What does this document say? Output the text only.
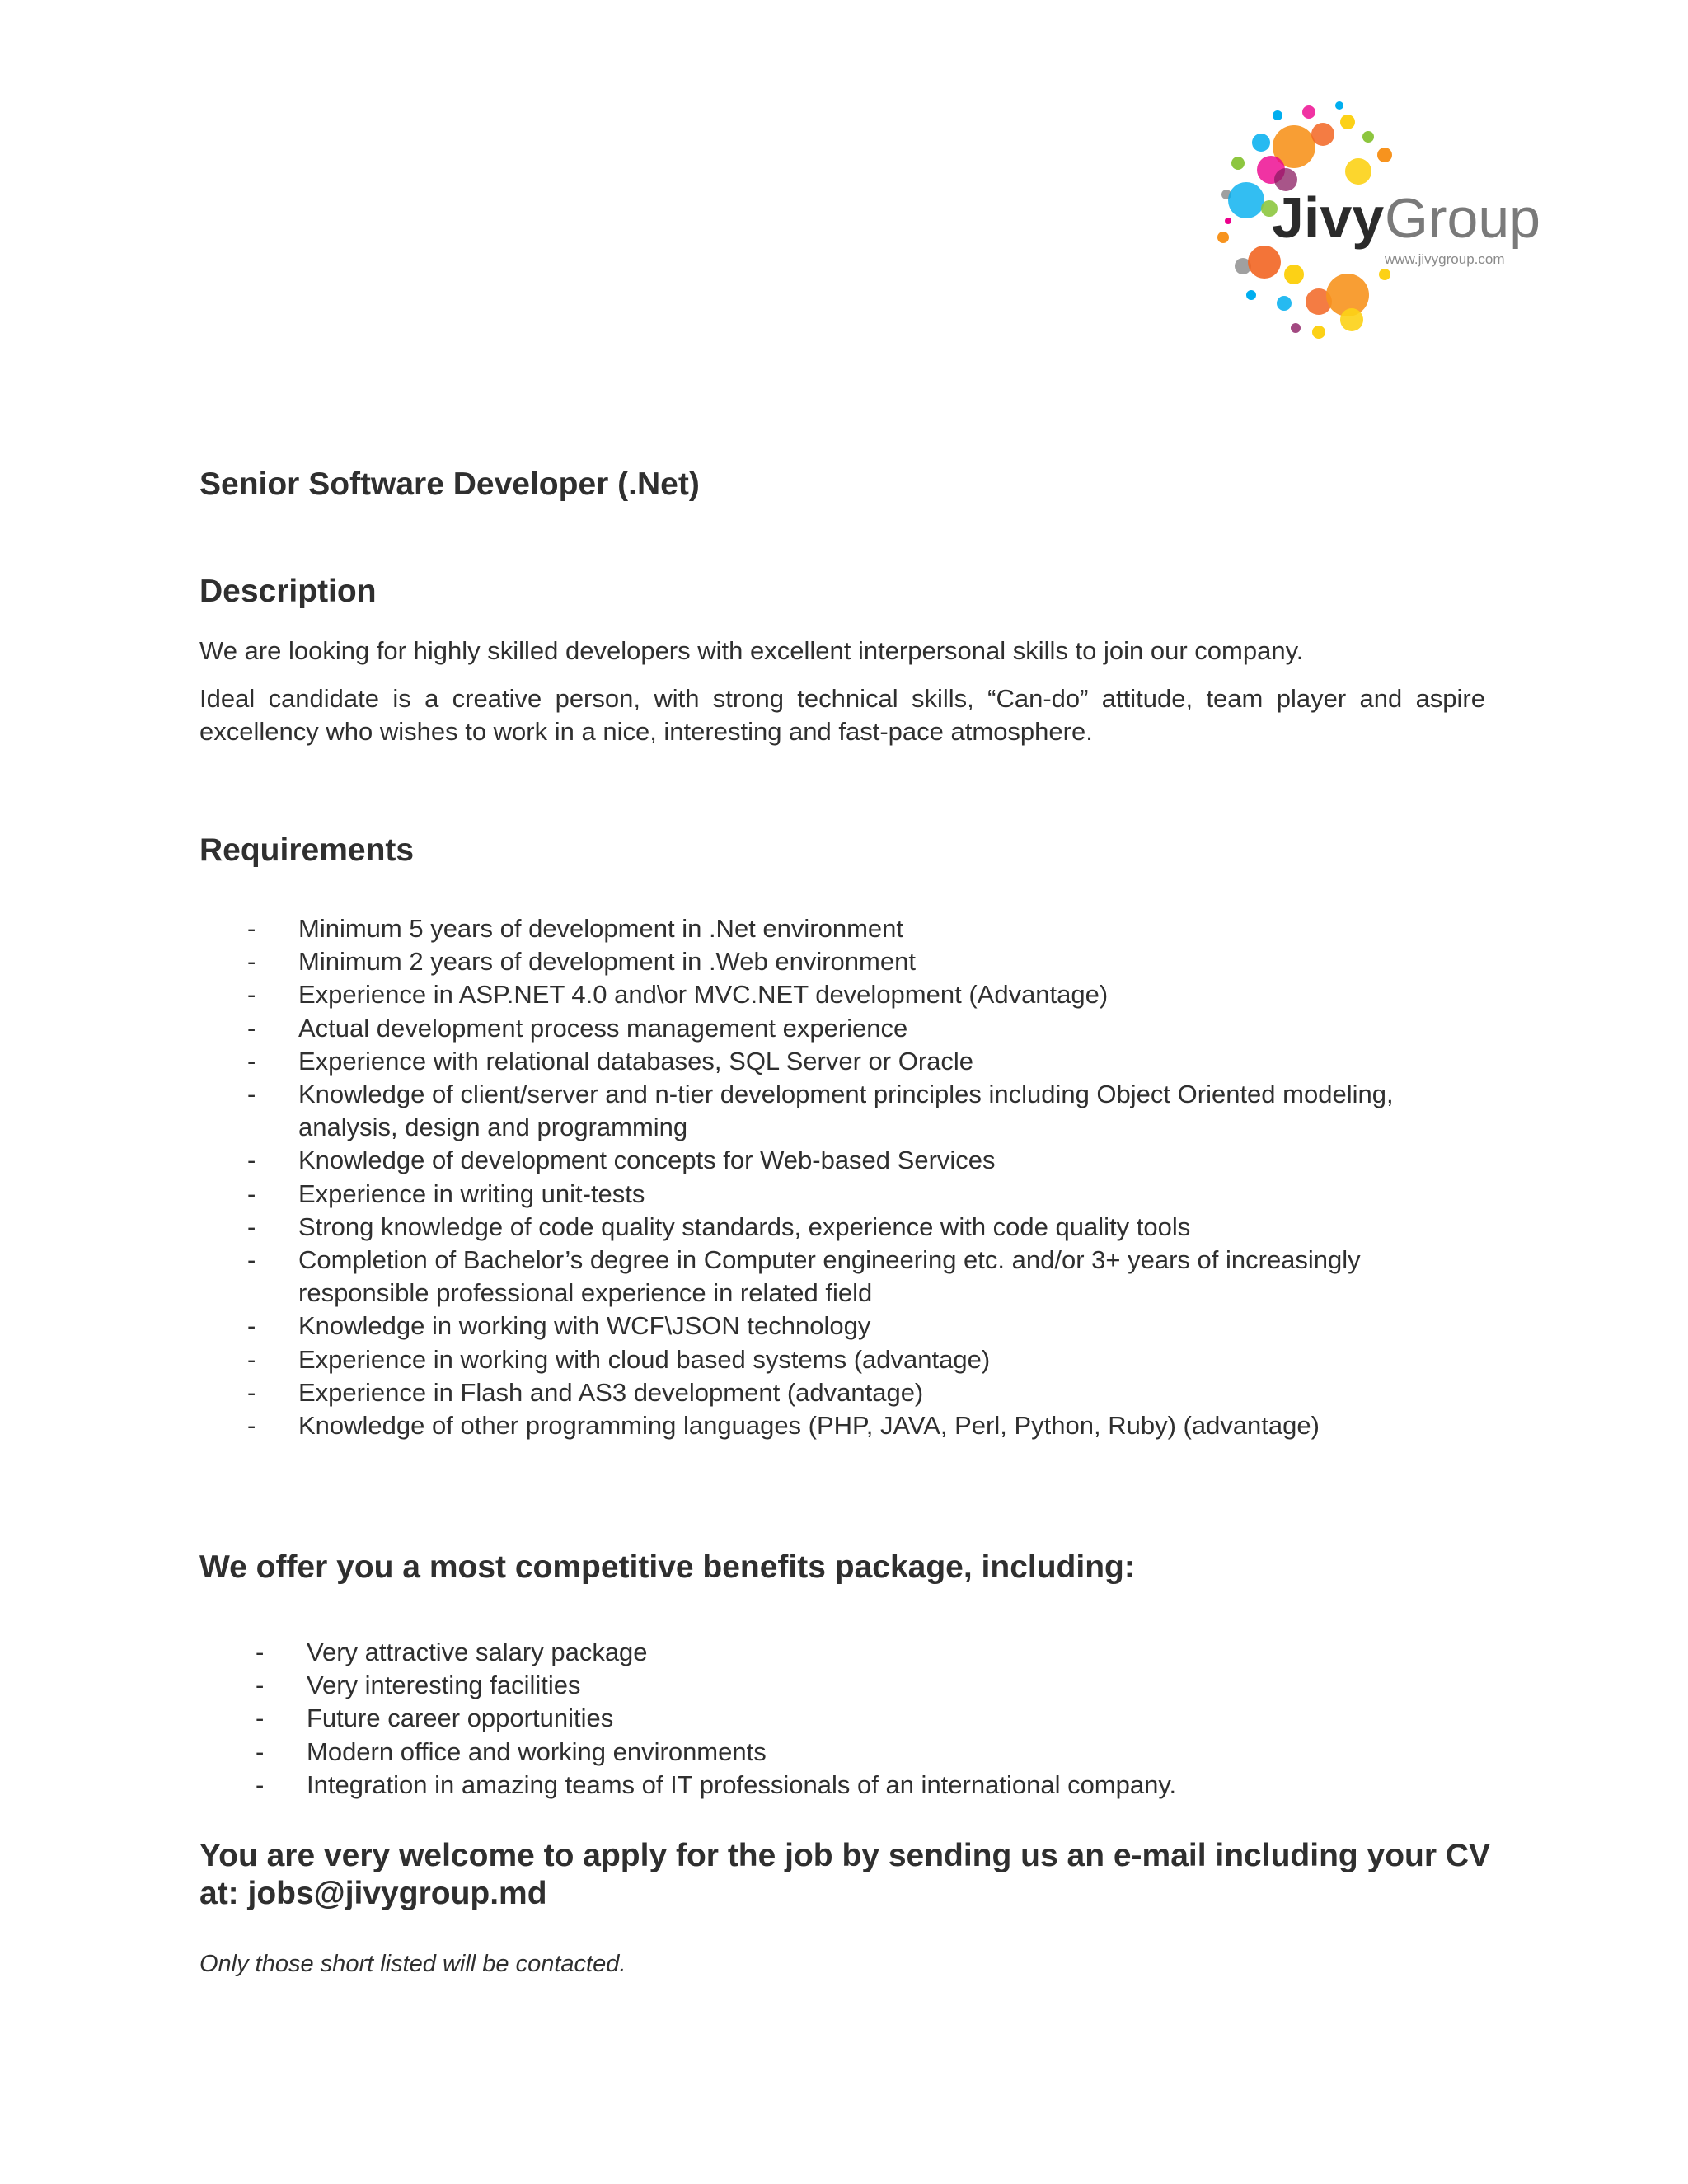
Jivy Group
www.jivygroup.com
Senior Software Developer (.Net)
Description

We are looking for highly skilled developers with excellent interpersonal skills to join our company.

Ideal candidate is a creative person, with strong technical skills, “Can-do” attitude, team player and aspire excellency who wishes to work in a nice, interesting and fast-pace atmosphere.

Requirements
- Minimum 5 years of development in .Net environment
- Minimum 2 years of development in .Web environment
- Experience in ASP.NET 4.0 and\or MVC.NET development (Advantage)
- Actual development process management experience
- Experience with relational databases, SQL Server or Oracle
- Knowledge of client/server and n-tier development principles including Object Oriented modeling, analysis, design and programming
- Knowledge of development concepts for Web-based Services
- Experience in writing unit-tests
- Strong knowledge of code quality standards, experience with code quality tools
- Completion of Bachelor’s degree in Computer engineering etc. and/or 3+ years of increasingly responsible professional experience in related field
- Knowledge in working with WCF\JSON technology
- Experience in working with cloud based systems (advantage)
- Experience in Flash and AS3 development (advantage)
- Knowledge of other programming languages (PHP, JAVA, Perl, Python, Ruby) (advantage)
We offer you a most competitive benefits package, including:
- Very attractive salary package
- Very interesting facilities
- Future career opportunities
- Modern office and working environments
- Integration in amazing teams of IT professionals of an international company.

You are very welcome to apply for the job by sending us an e-mail including your CV at: jobs@jivygroup.md

Only those short listed will be contacted.
